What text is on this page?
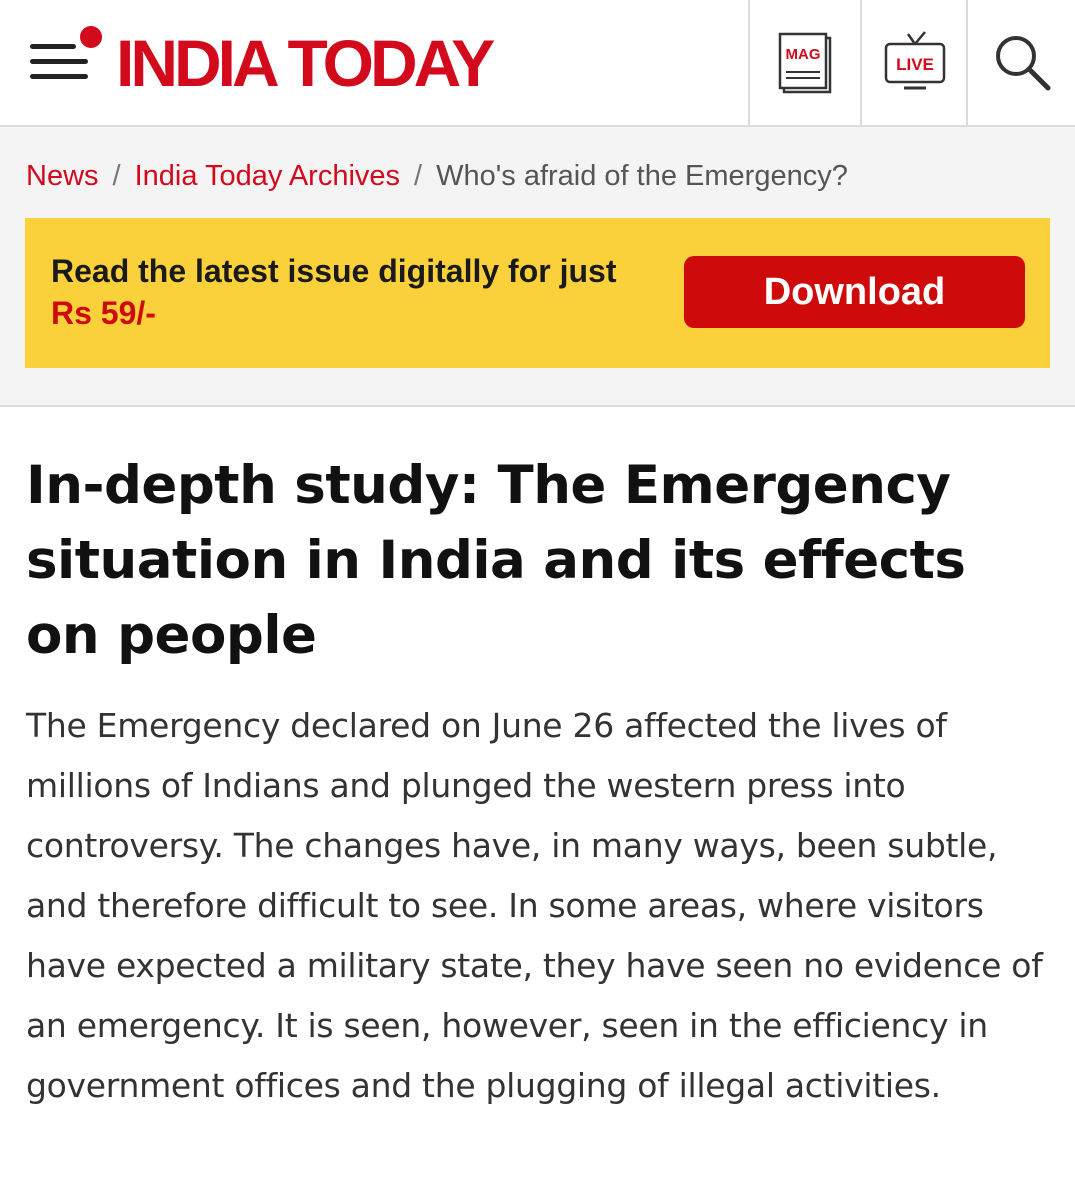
INDIA TODAY	MAG
LIVE
News / India Today Archives / Who's afraid of the Emergency?
Read the latest issue digitally for just Rs 59/-	Download
In-depth study: The Emergency situation in India and its effects on people

The Emergency declared on June 26 affected the lives of millions of Indians and plunged the western press into controversy. The changes have, in many ways, been subtle, and therefore difficult to see. In some areas, where visitors have expected a military state, they have seen no evidence of an emergency. It is seen, however, seen in the efficiency in government offices and the plugging of illegal activities.
